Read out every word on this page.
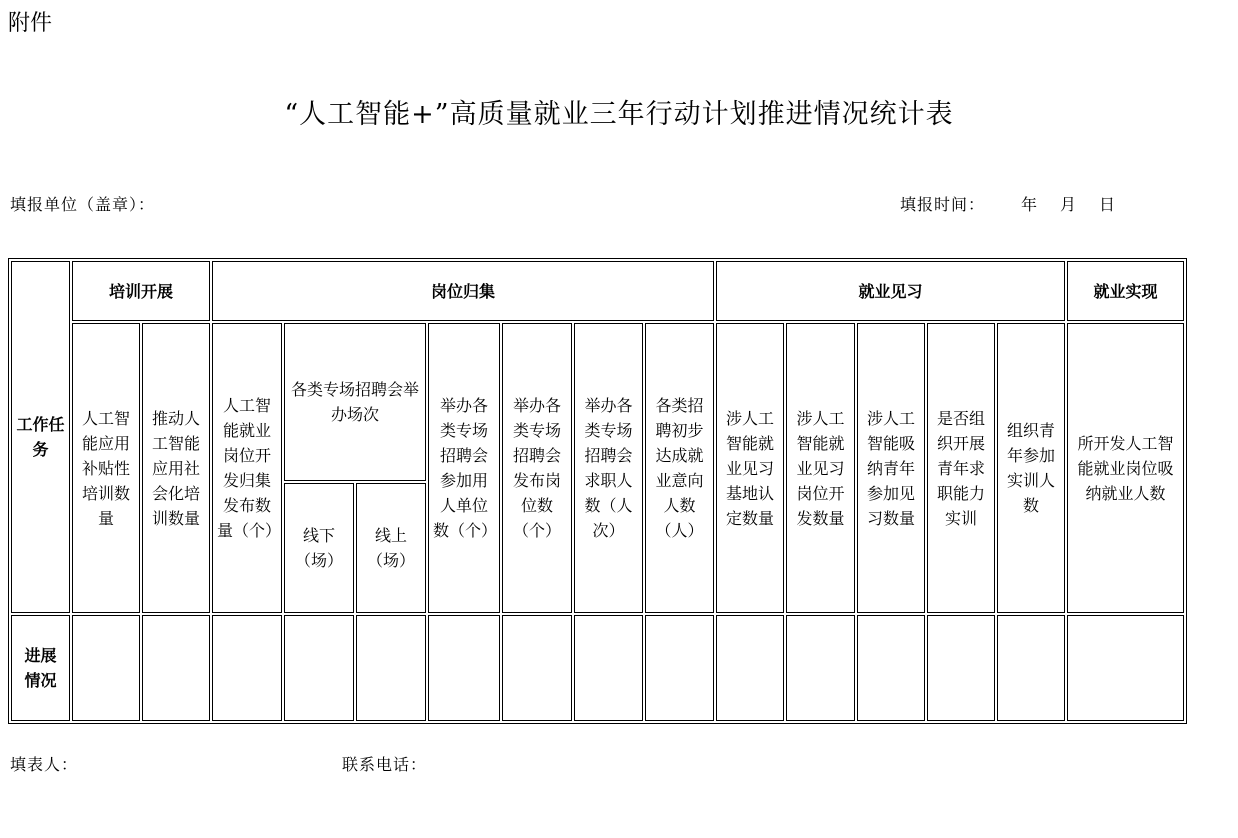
附件
“人工智能+”高质量就业三年行动计划推进情况统计表
填报单位（盖章）：	填报时间： 年 月 日
工作任务	培训开展		岗位归集							就业见习					就业实现
	人工智能应用补贴性培训数量	推动人工智能应用社会化培训数量	人工智能就业岗位开发归集发布数量（个）	各类专场招聘会举办场次		举办各类专场招聘会参加用人单位数（个）	举办各类专场招聘会发布岗位数（个）	举办各类专场招聘会求职人数（人次）	各类招聘初步达成就业意向人数（人）	涉人工智能就业见习基地认定数量	涉人工智能就业见习岗位开发数量	涉人工智能吸纳青年参加见习数量	是否组织开展青年求职能力实训	组织青年参加实训人数	所开发人工智能就业岗位吸纳就业人数
				线下（场）	线上（场）										
进展
情况															
填表人：	联系电话：
